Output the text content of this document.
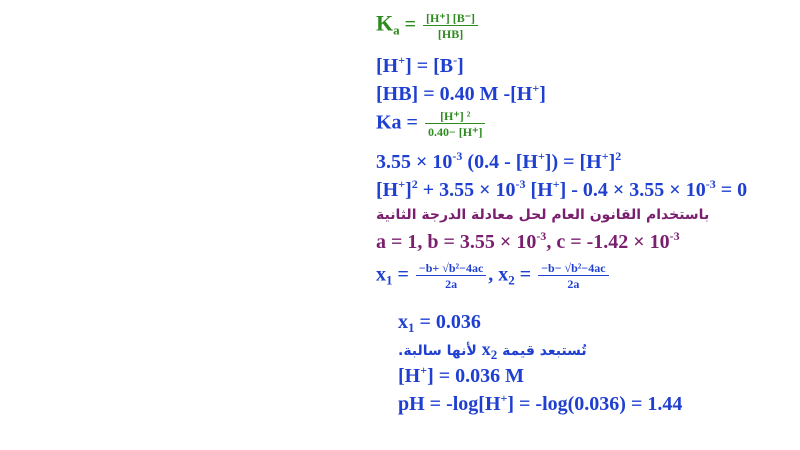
$K_a = \frac{[H^+] [B^-]}{[HB]}$
[H+] = [B-]
[HB] = 0.40 M -[H+]
$Ka = \frac{\text{[H⁺] ²}}{0.40- [H^+]}$
$3.55 \times 10^{-3}$ $(0.4 - [H^+]) = [H^+]^2$
$[H^+]^2 + 3.55 \times 10^{-3}$ $[H^+] - 0.4 \times 3.55 \times 10^{-3} = 0$
باستخدام القانون العام لحل معادلة الدرجة الثانية
a = 1, $b = 3.55 \times 10^{-3}$, $c = -1.42 \times 10^{-3}$
$x_1 = \frac{\text{−b+ √b²−4ac}}{2a}$ , $x_2 = \frac{\text{−b− √b²−4ac}}{2a}$
$x_1 = 0.036$
تُستبعد قيمة $x_2$ لأنها سالبة.
[H+] = 0.036 M
pH = -log[H+] = -log(0.036) = 1.44
